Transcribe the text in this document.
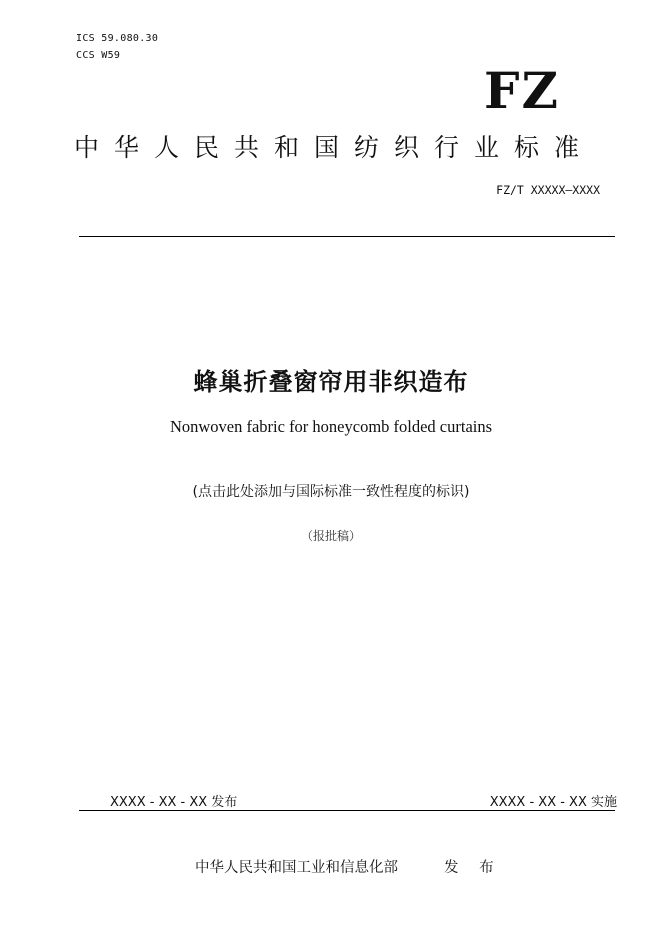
ICS 59.080.30
CCS W59
FZ
中华人民共和国纺织行业标准
FZ/T XXXXX—XXXX
蜂巢折叠窗帘用非织造布
Nonwoven fabric for honeycomb folded curtains
(点击此处添加与国际标准一致性程度的标识)
（报批稿）
XXXX - XX - XX 发布	XXXX - XX - XX 实施
中华人民共和国工业和信息化部	发 布
